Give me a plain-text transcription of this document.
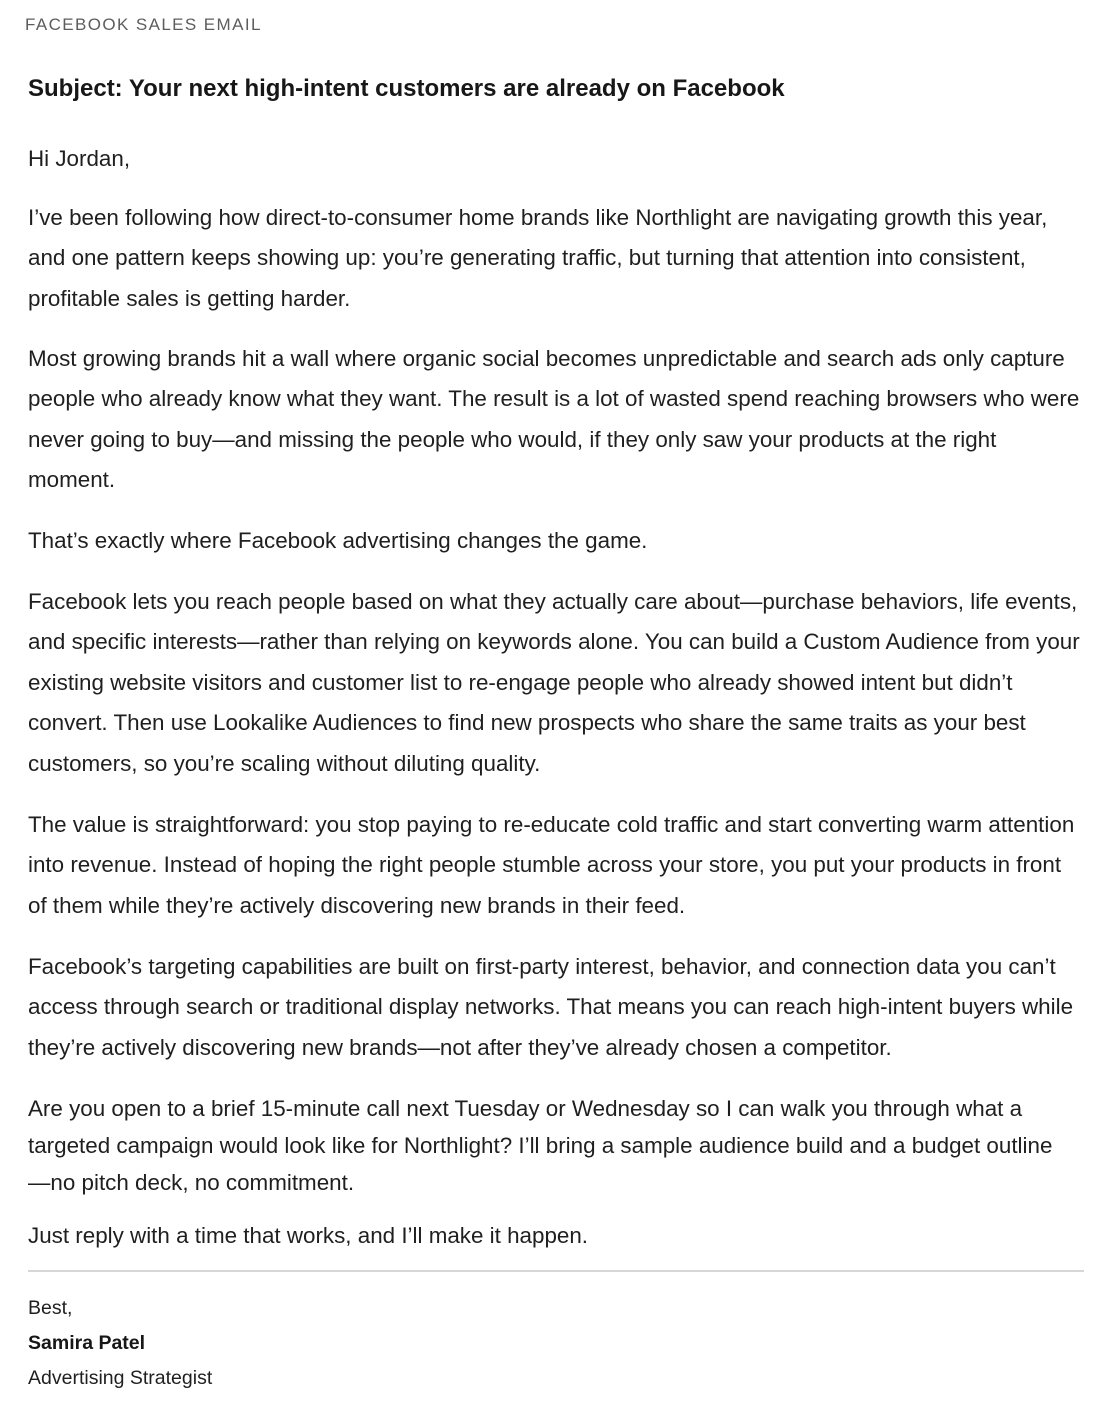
FACEBOOK SALES EMAIL
Subject: Your next high-intent customers are already on Facebook
Hi Jordan,
I’ve been following how direct-to-consumer home brands like Northlight are navigating growth this year, and one pattern keeps showing up: you’re generating traffic, but turning that attention into consistent, profitable sales is getting harder.
Most growing brands hit a wall where organic social becomes unpredictable and search ads only capture people who already know what they want. The result is a lot of wasted spend reaching browsers who were never going to buy—and missing the people who would, if they only saw your products at the right moment.
That’s exactly where Facebook advertising changes the game.
Facebook lets you reach people based on what they actually care about—purchase behaviors, life events, and specific interests—rather than relying on keywords alone. You can build a Custom Audience from your existing website visitors and customer list to re-engage people who already showed intent but didn’t convert. Then use Lookalike Audiences to find new prospects who share the same traits as your best customers, so you’re scaling without diluting quality.
The value is straightforward: you stop paying to re-educate cold traffic and start converting warm attention into revenue. Instead of hoping the right people stumble across your store, you put your products in front of them while they’re actively discovering new brands in their feed.
Facebook’s targeting capabilities are built on first-party interest, behavior, and connection data you can’t access through search or traditional display networks. That means you can reach high-intent buyers while they’re actively discovering new brands—not after they’ve already chosen a competitor.
Are you open to a brief 15-minute call next Tuesday or Wednesday so I can walk you through what a targeted campaign would look like for Northlight? I’ll bring a sample audience build and a budget outline —no pitch deck, no commitment.
Just reply with a time that works, and I’ll make it happen.
Best,
Samira Patel
Advertising Strategist
